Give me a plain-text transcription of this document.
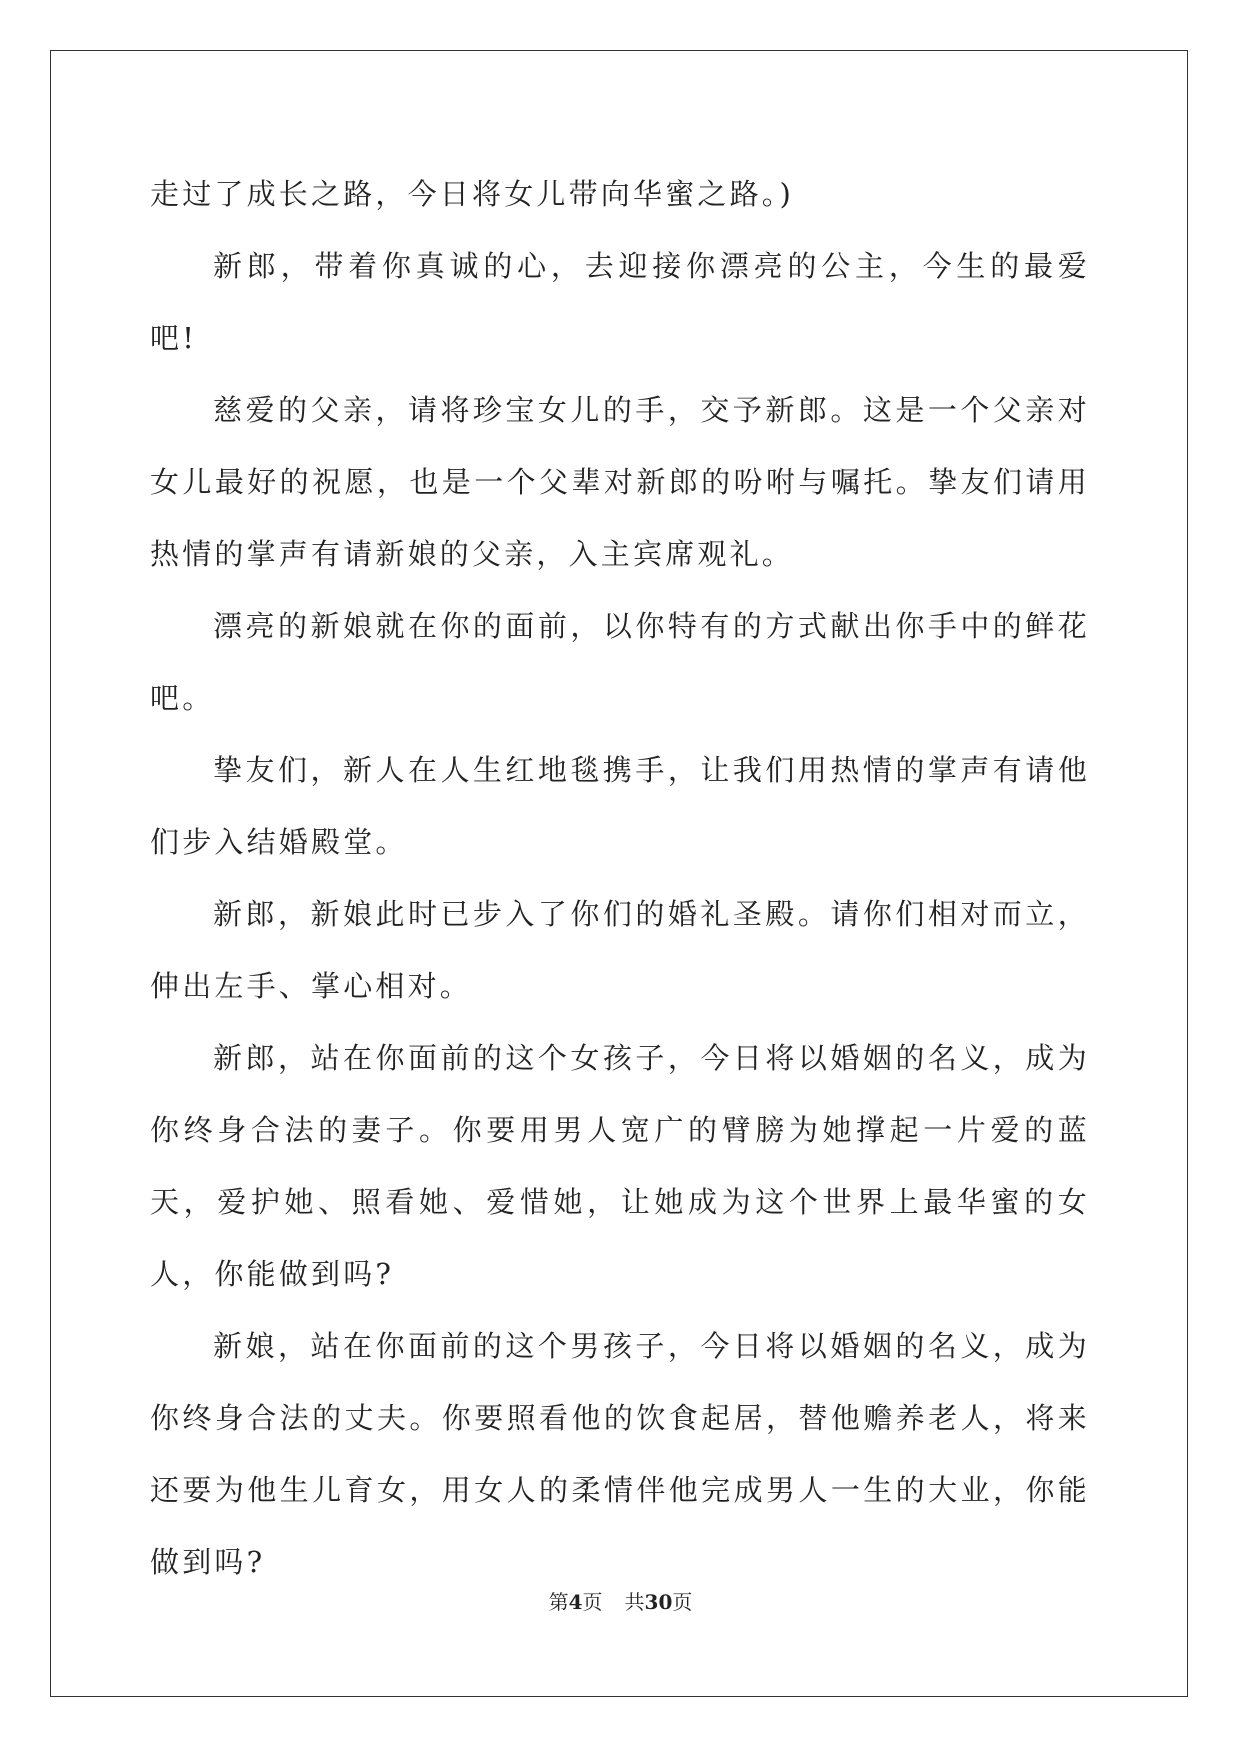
走过了成长之路，今日将女儿带向华蜜之路。)

新郎，带着你真诚的心，去迎接你漂亮的公主，今生的最爱吧!

慈爱的父亲，请将珍宝女儿的手，交予新郎。这是一个父亲对女儿最好的祝愿，也是一个父辈对新郎的吩咐与嘱托。挚友们请用热情的掌声有请新娘的父亲，入主宾席观礼。

漂亮的新娘就在你的面前，以你特有的方式献出你手中的鲜花吧。

挚友们，新人在人生红地毯携手，让我们用热情的掌声有请他们步入结婚殿堂。

新郎，新娘此时已步入了你们的婚礼圣殿。请你们相对而立，伸出左手、掌心相对。

新郎，站在你面前的这个女孩子，今日将以婚姻的名义，成为你终身合法的妻子。你要用男人宽广的臂膀为她撑起一片爱的蓝天，爱护她、照看她、爱惜她，让她成为这个世界上最华蜜的女人，你能做到吗?

新娘，站在你面前的这个男孩子，今日将以婚姻的名义，成为你终身合法的丈夫。你要照看他的饮食起居，替他赡养老人，将来还要为他生儿育女，用女人的柔情伴他完成男人一生的大业，你能做到吗?

第4页 共30页
